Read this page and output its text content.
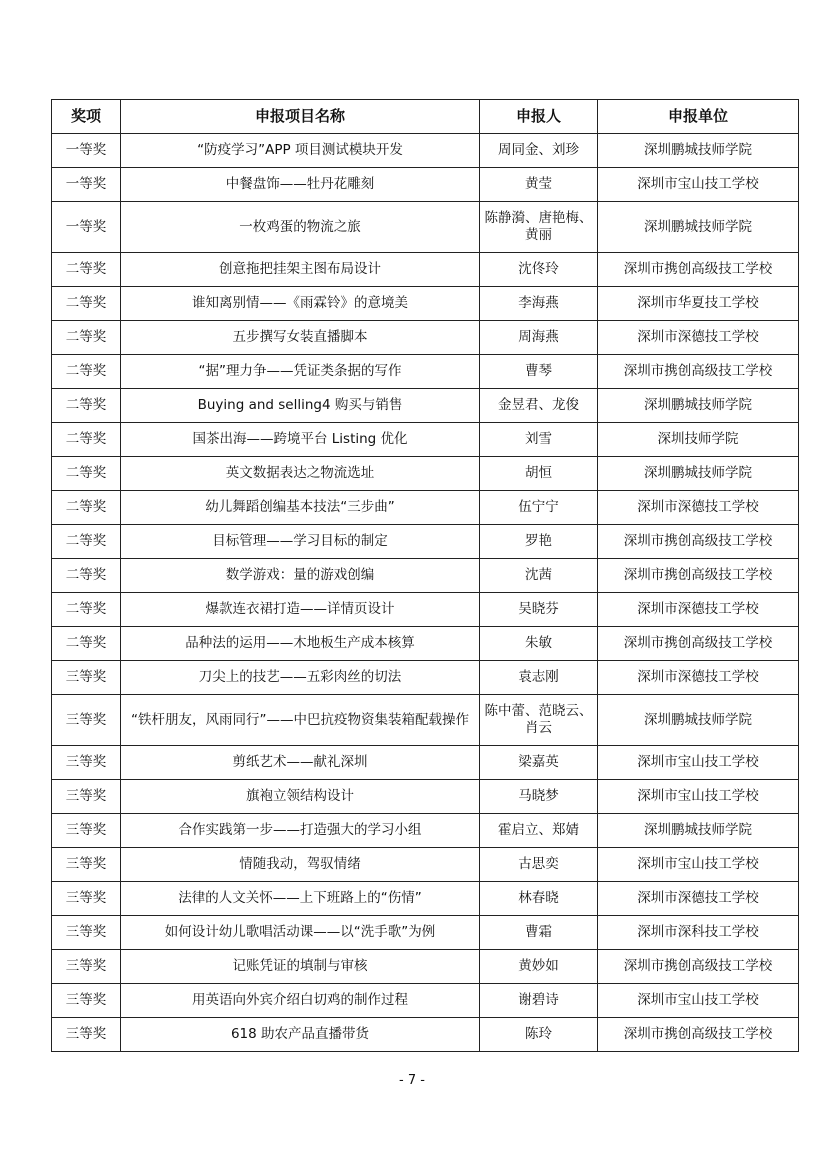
奖项	申报项目名称	申报人	申报单位
一等奖	“防疫学习”APP 项目测试模块开发	周同金、刘珍	深圳鹏城技师学院
一等奖	中餐盘饰——牡丹花雕刻	黄莹	深圳市宝山技工学校
一等奖	一枚鸡蛋的物流之旅	陈静漪、唐艳梅、黄丽	深圳鹏城技师学院
二等奖	创意拖把挂架主图布局设计	沈佟玲	深圳市携创高级技工学校
二等奖	谁知离别情——《雨霖铃》的意境美	李海燕	深圳市华夏技工学校
二等奖	五步撰写女装直播脚本	周海燕	深圳市深德技工学校
二等奖	“据”理力争——凭证类条据的写作	曹琴	深圳市携创高级技工学校
二等奖	Buying and selling4 购买与销售	金昱君、龙俊	深圳鹏城技师学院
二等奖	国茶出海——跨境平台 Listing 优化	刘雪	深圳技师学院
二等奖	英文数据表达之物流选址	胡恒	深圳鹏城技师学院
二等奖	幼儿舞蹈创编基本技法“三步曲”	伍宁宁	深圳市深德技工学校
二等奖	目标管理——学习目标的制定	罗艳	深圳市携创高级技工学校
二等奖	数学游戏：量的游戏创编	沈茜	深圳市携创高级技工学校
二等奖	爆款连衣裙打造——详情页设计	吴晓芬	深圳市深德技工学校
二等奖	品种法的运用——木地板生产成本核算	朱敏	深圳市携创高级技工学校
三等奖	刀尖上的技艺——五彩肉丝的切法	袁志刚	深圳市深德技工学校
三等奖	“铁杆朋友，风雨同行”——中巴抗疫物资集装箱配载操作	陈中蕾、范晓云、肖云	深圳鹏城技师学院
三等奖	剪纸艺术——献礼深圳	梁嘉英	深圳市宝山技工学校
三等奖	旗袍立领结构设计	马晓梦	深圳市宝山技工学校
三等奖	合作实践第一步——打造强大的学习小组	霍启立、郑婧	深圳鹏城技师学院
三等奖	情随我动，驾驭情绪	古思奕	深圳市宝山技工学校
三等奖	法律的人文关怀——上下班路上的“伤情”	林春晓	深圳市深德技工学校
三等奖	如何设计幼儿歌唱活动课——以“洗手歌”为例	曹霜	深圳市深科技工学校
三等奖	记账凭证的填制与审核	黄妙如	深圳市携创高级技工学校
三等奖	用英语向外宾介绍白切鸡的制作过程	谢碧诗	深圳市宝山技工学校
三等奖	618 助农产品直播带货	陈玲	深圳市携创高级技工学校
- 7 -
